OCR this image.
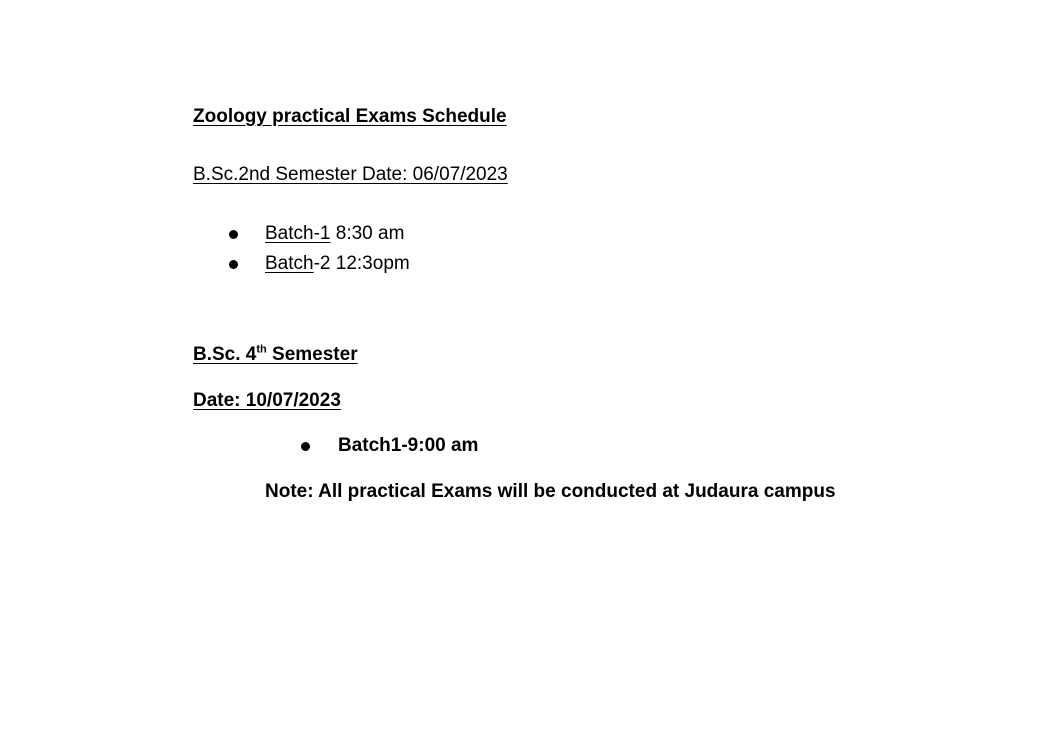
Zoology practical Exams Schedule
B.Sc.2nd Semester Date: 06/07/2023
Batch-1 8:30 am
Batch-2 12:3opm
B.Sc. 4th Semester
Date: 10/07/2023
Batch1-9:00 am
Note: All practical Exams will be conducted at Judaura campus
